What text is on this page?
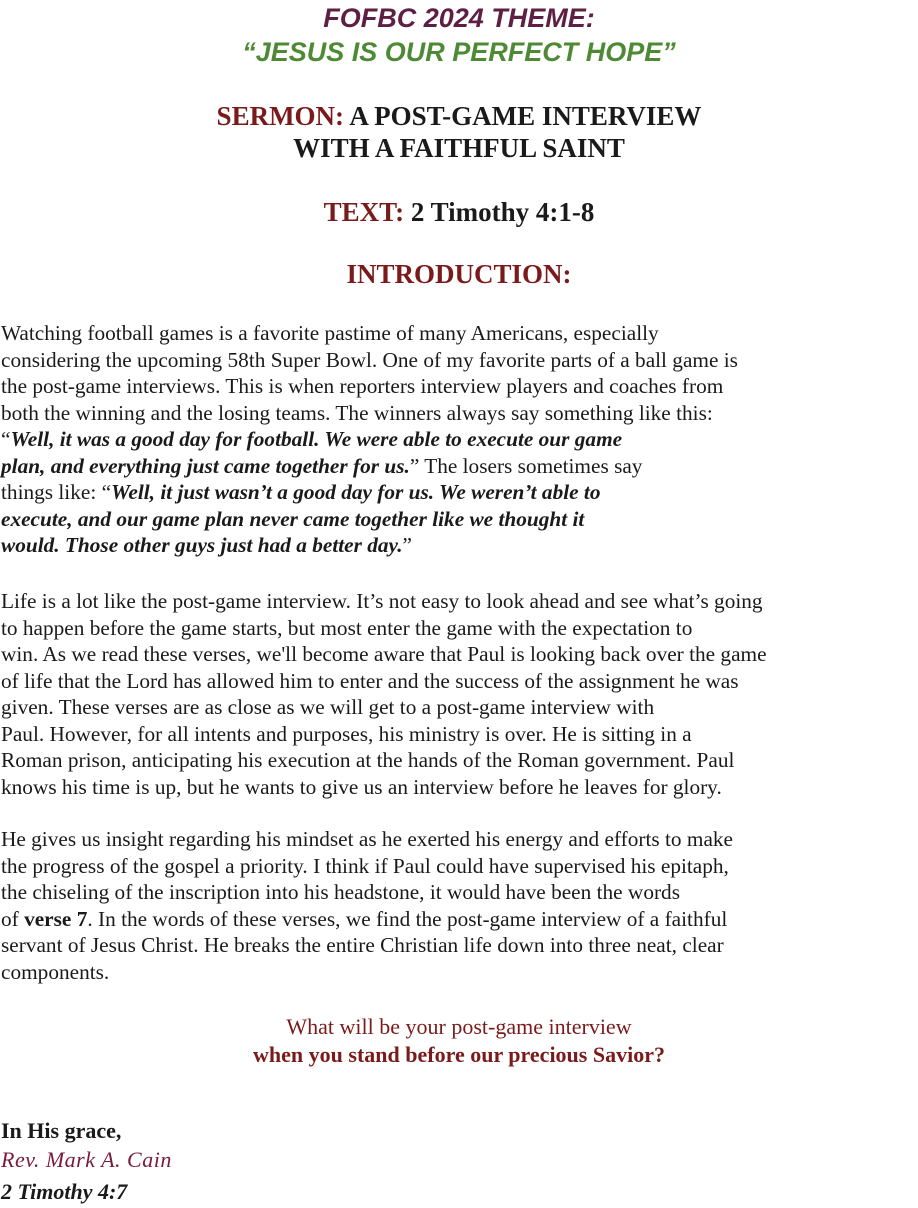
FOFBC 2024 THEME:
“JESUS IS OUR PERFECT HOPE”
SERMON: A POST-GAME INTERVIEW
WITH A FAITHFUL SAINT
TEXT: 2 Timothy 4:1-8
INTRODUCTION:
Watching football games is a favorite pastime of many Americans, especially
considering the upcoming 58th Super Bowl. One of my favorite parts of a ball game is
the post-game interviews. This is when reporters interview players and coaches from
both the winning and the losing teams. The winners always say something like this:
“Well, it was a good day for football. We were able to execute our game
plan, and everything just came together for us.” The losers sometimes say
things like: “Well, it just wasn’t a good day for us. We weren’t able to
execute, and our game plan never came together like we thought it
would. Those other guys just had a better day.”
Life is a lot like the post-game interview. It’s not easy to look ahead and see what’s going
to happen before the game starts, but most enter the game with the expectation to
win. As we read these verses, we'll become aware that Paul is looking back over the game
of life that the Lord has allowed him to enter and the success of the assignment he was
given. These verses are as close as we will get to a post-game interview with
Paul. However, for all intents and purposes, his ministry is over. He is sitting in a
Roman prison, anticipating his execution at the hands of the Roman government. Paul
knows his time is up, but he wants to give us an interview before he leaves for glory.
He gives us insight regarding his mindset as he exerted his energy and efforts to make
the progress of the gospel a priority. I think if Paul could have supervised his epitaph,
the chiseling of the inscription into his headstone, it would have been the words
of verse 7. In the words of these verses, we find the post-game interview of a faithful
servant of Jesus Christ. He breaks the entire Christian life down into three neat, clear
components.
What will be your post-game interview
when you stand before our precious Savior?
In His grace,
Rev. Mark A. Cain
2 Timothy 4:7
